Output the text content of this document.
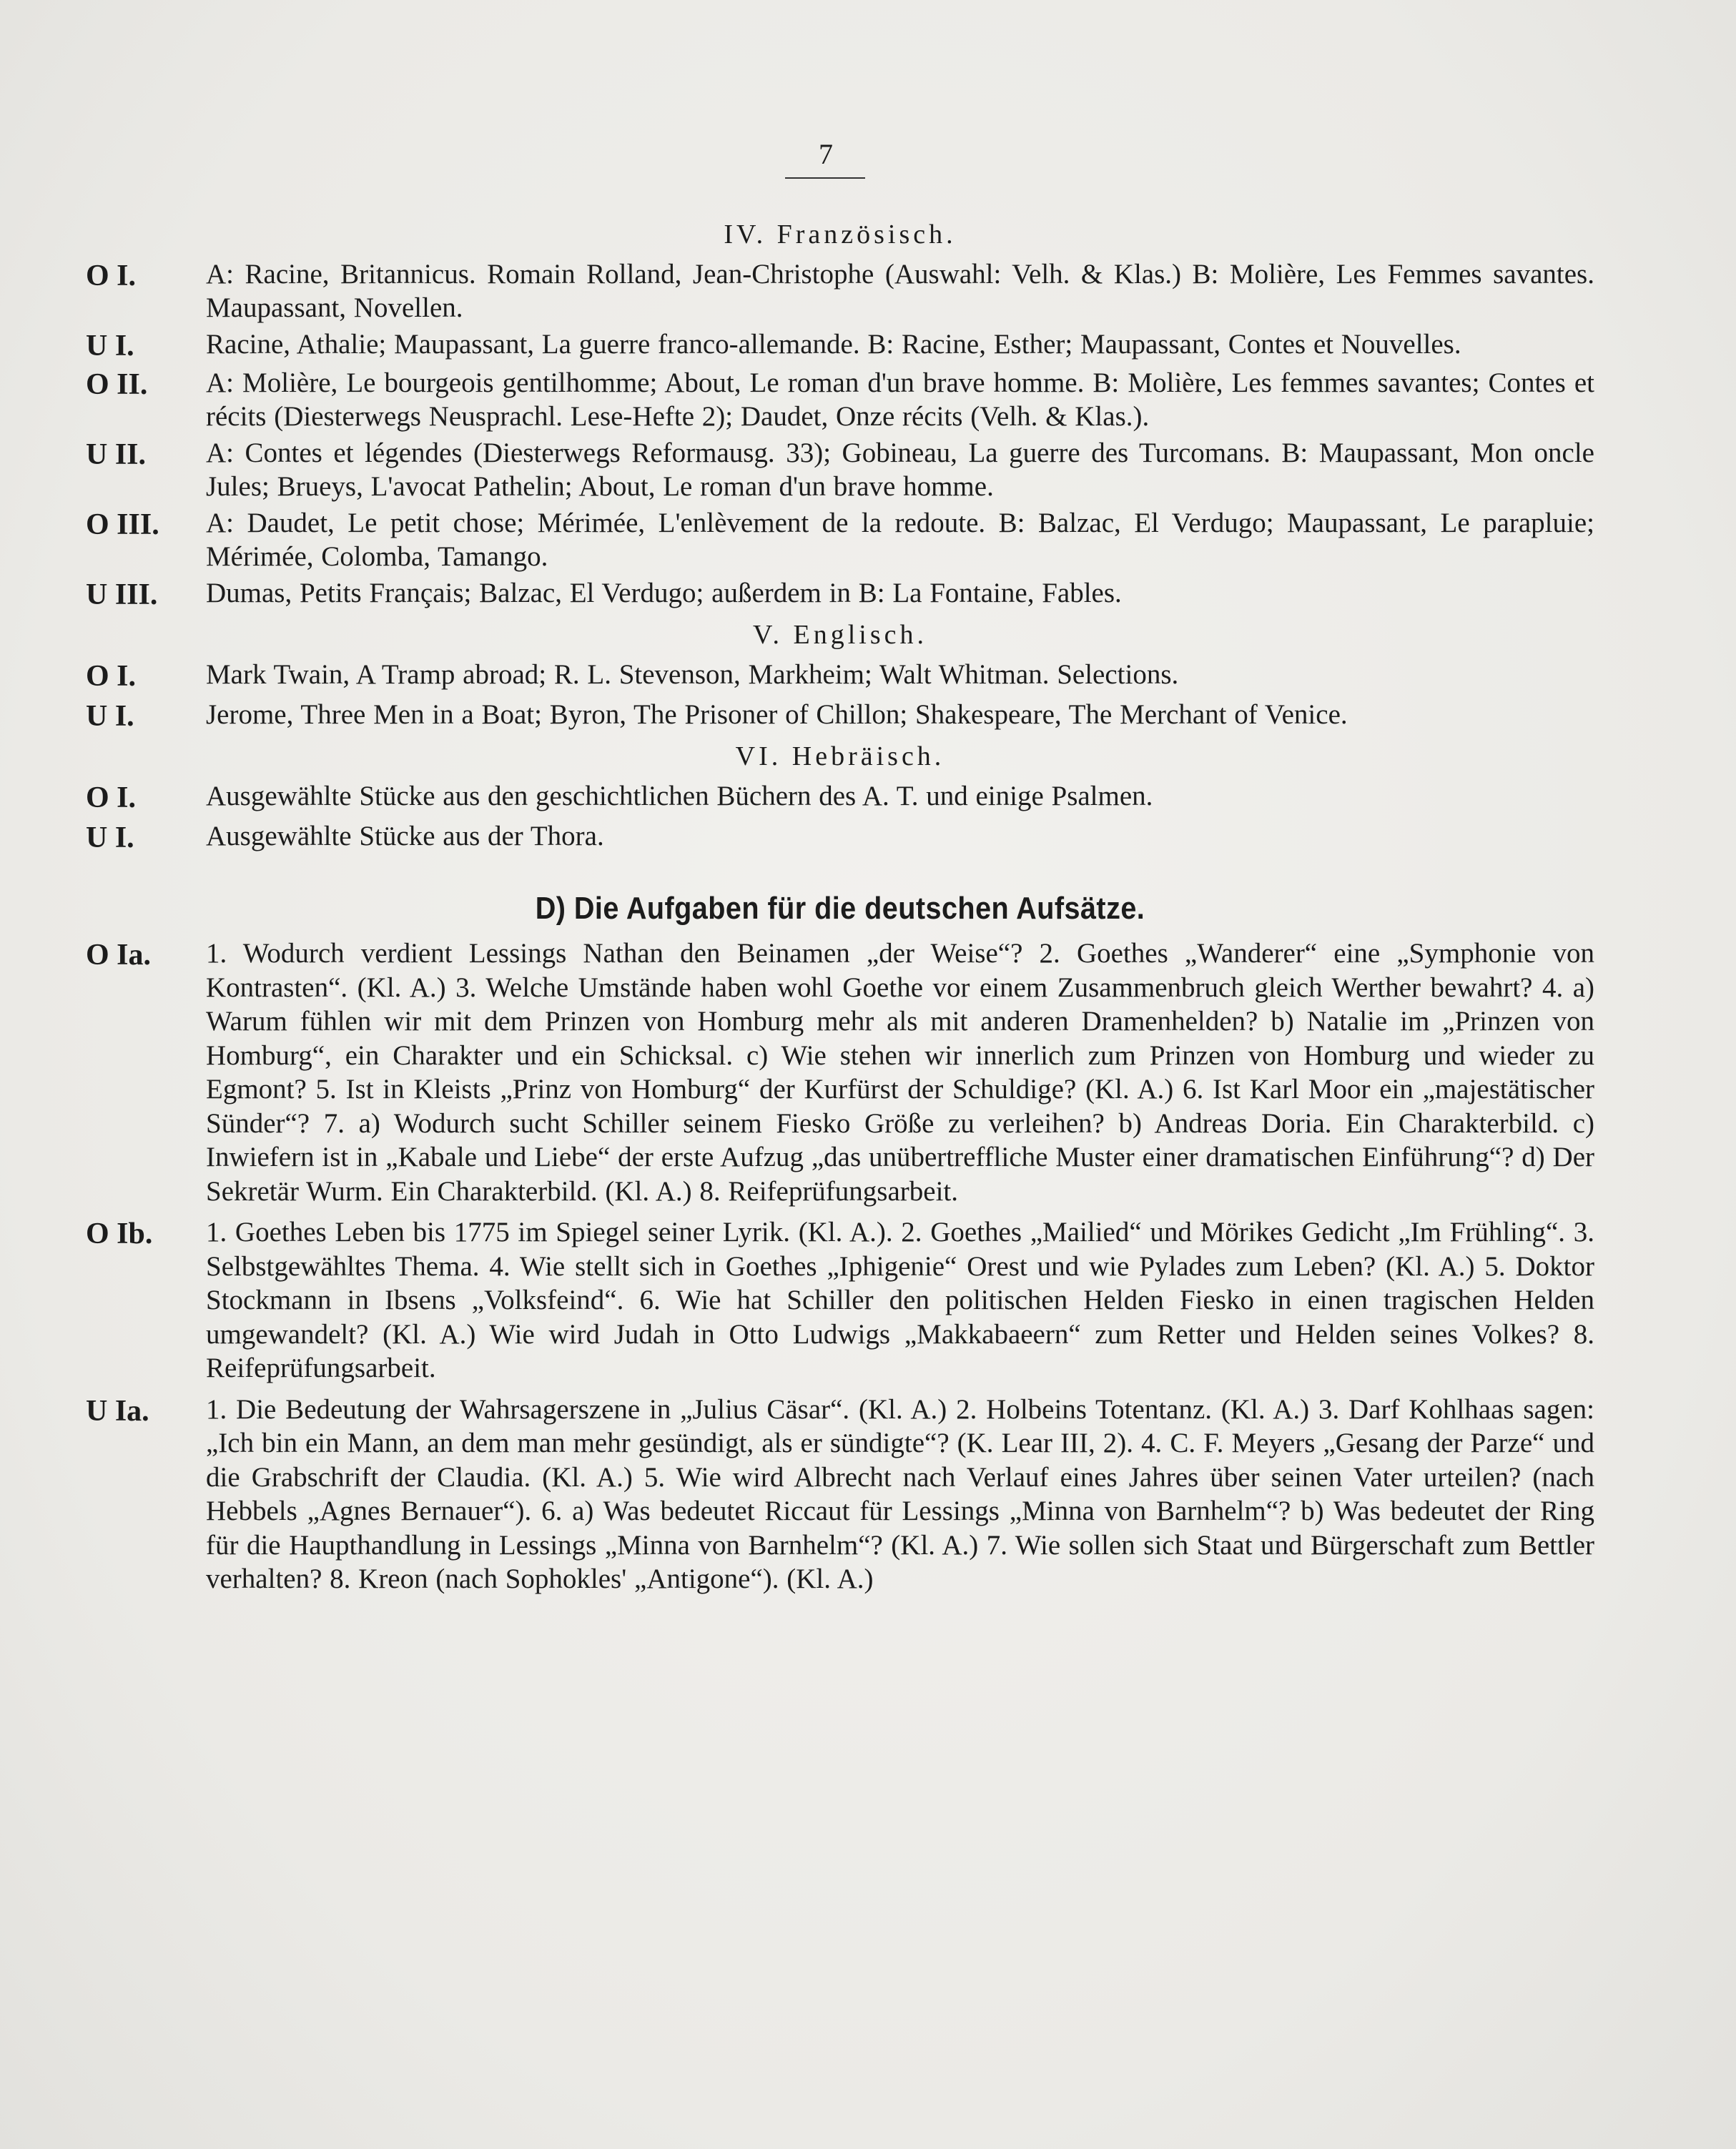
7
IV. Französisch.
O I.	A: Racine, Britannicus. Romain Rolland, Jean-Christophe (Auswahl: Velh. & Klas.) B: Molière, Les Femmes savantes. Maupassant, Novellen.
U I.	Racine, Athalie; Maupassant, La guerre franco-allemande. B: Racine, Esther; Maupassant, Contes et Nouvelles.
O II.	A: Molière, Le bourgeois gentilhomme; About, Le roman d'un brave homme. B: Molière, Les femmes savantes; Contes et récits (Diesterwegs Neusprachl. Lese-Hefte 2); Daudet, Onze récits (Velh. & Klas.).
U II.	A: Contes et légendes (Diesterwegs Reformausg. 33); Gobineau, La guerre des Turcomans. B: Maupassant, Mon oncle Jules; Brueys, L'avocat Pathelin; About, Le roman d'un brave homme.
O III.	A: Daudet, Le petit chose; Mérimée, L'enlèvement de la redoute. B: Balzac, El Verdugo; Maupassant, Le parapluie; Mérimée, Colomba, Tamango.
U III.	Dumas, Petits Français; Balzac, El Verdugo; außerdem in B: La Fontaine, Fables.
V. Englisch.
O I.	Mark Twain, A Tramp abroad; R. L. Stevenson, Markheim; Walt Whitman. Selections.
U I.	Jerome, Three Men in a Boat; Byron, The Prisoner of Chillon; Shakespeare, The Merchant of Venice.
VI. Hebräisch.
O I.	Ausgewählte Stücke aus den geschichtlichen Büchern des A. T. und einige Psalmen.
U I.	Ausgewählte Stücke aus der Thora.
D) Die Aufgaben für die deutschen Aufsätze.
O Ia.	1. Wodurch verdient Lessings Nathan den Beinamen „der Weise“? 2. Goethes „Wanderer“ eine „Symphonie von Kontrasten“. (Kl. A.) 3. Welche Umstände haben wohl Goethe vor einem Zusammenbruch gleich Werther bewahrt? 4. a) Warum fühlen wir mit dem Prinzen von Homburg mehr als mit anderen Dramenhelden? b) Natalie im „Prinzen von Homburg“, ein Charakter und ein Schicksal. c) Wie stehen wir innerlich zum Prinzen von Homburg und wieder zu Egmont? 5. Ist in Kleists „Prinz von Homburg“ der Kurfürst der Schuldige? (Kl. A.) 6. Ist Karl Moor ein „majestätischer Sünder“? 7. a) Wodurch sucht Schiller seinem Fiesko Größe zu verleihen? b) Andreas Doria. Ein Charakterbild. c) Inwiefern ist in „Kabale und Liebe“ der erste Aufzug „das unübertreffliche Muster einer dramatischen Einführung“? d) Der Sekretär Wurm. Ein Charakterbild. (Kl. A.) 8. Reifeprüfungsarbeit.
O Ib.	1. Goethes Leben bis 1775 im Spiegel seiner Lyrik. (Kl. A.). 2. Goethes „Mailied“ und Mörikes Gedicht „Im Frühling“. 3. Selbstgewähltes Thema. 4. Wie stellt sich in Goethes „Iphigenie“ Orest und wie Pylades zum Leben? (Kl. A.) 5. Doktor Stockmann in Ibsens „Volksfeind“. 6. Wie hat Schiller den politischen Helden Fiesko in einen tragischen Helden umgewandelt? (Kl. A.) Wie wird Judah in Otto Ludwigs „Makkabaeern“ zum Retter und Helden seines Volkes? 8. Reifeprüfungsarbeit.
U Ia.	1. Die Bedeutung der Wahrsagerszene in „Julius Cäsar“. (Kl. A.) 2. Holbeins Totentanz. (Kl. A.) 3. Darf Kohlhaas sagen: „Ich bin ein Mann, an dem man mehr gesündigt, als er sündigte“? (K. Lear III, 2). 4. C. F. Meyers „Gesang der Parze“ und die Grabschrift der Claudia. (Kl. A.) 5. Wie wird Albrecht nach Verlauf eines Jahres über seinen Vater urteilen? (nach Hebbels „Agnes Bernauer“). 6. a) Was bedeutet Riccaut für Lessings „Minna von Barnhelm“? b) Was bedeutet der Ring für die Haupthandlung in Lessings „Minna von Barnhelm“? (Kl. A.) 7. Wie sollen sich Staat und Bürgerschaft zum Bettler verhalten? 8. Kreon (nach Sophokles' „Antigone“). (Kl. A.)
